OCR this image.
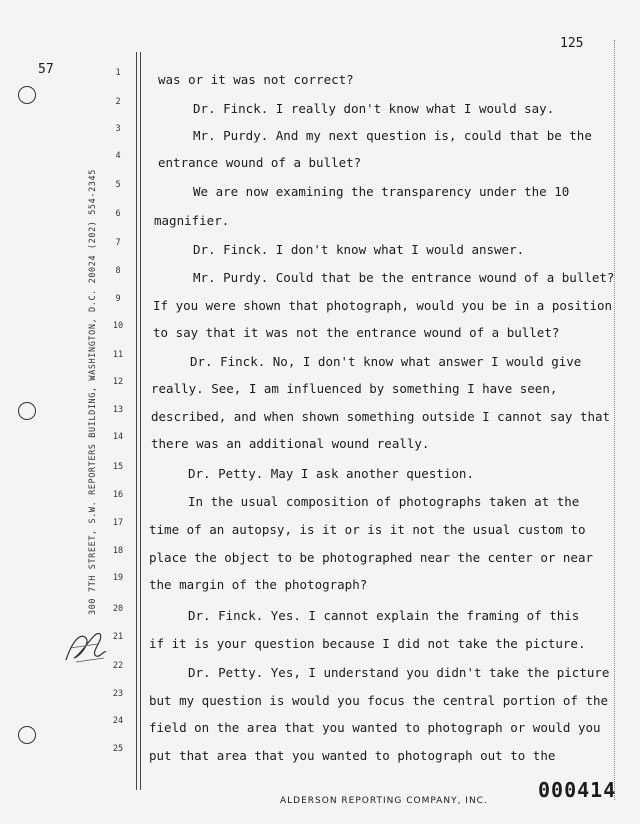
125
57
300 7TH STREET, S.W. REPORTERS BUILDING, WASHINGTON, D.C. 20024 (202) 554-2345
1
2
3
4
5
6
7
8
9
10
11
12
13
14
15
16
17
18
19
20
21
22
23
24
25
was or it was not correct?
Dr. Finck. I really don't know what I would say.
Mr. Purdy. And my next question is, could that be the
entrance wound of a bullet?
We are now examining the transparency under the 10
magnifier.
Dr. Finck. I don't know what I would answer.
Mr. Purdy. Could that be the entrance wound of a bullet?
If you were shown that photograph, would you be in a position
to say that it was not the entrance wound of a bullet?
Dr. Finck. No, I don't know what answer I would give
really. See, I am influenced by something I have seen,
described, and when shown something outside I cannot say that
there was an additional wound really.
Dr. Petty. May I ask another question.
In the usual composition of photographs taken at the
time of an autopsy, is it or is it not the usual custom to
place the object to be photographed near the center or near
the margin of the photograph?
Dr. Finck. Yes. I cannot explain the framing of this
if it is your question because I did not take the picture.
Dr. Petty. Yes, I understand you didn't take the picture
but my question is would you focus the central portion of the
field on the area that you wanted to photograph or would you
put that area that you wanted to photograph out to the
ALDERSON REPORTING COMPANY, INC.	000414
